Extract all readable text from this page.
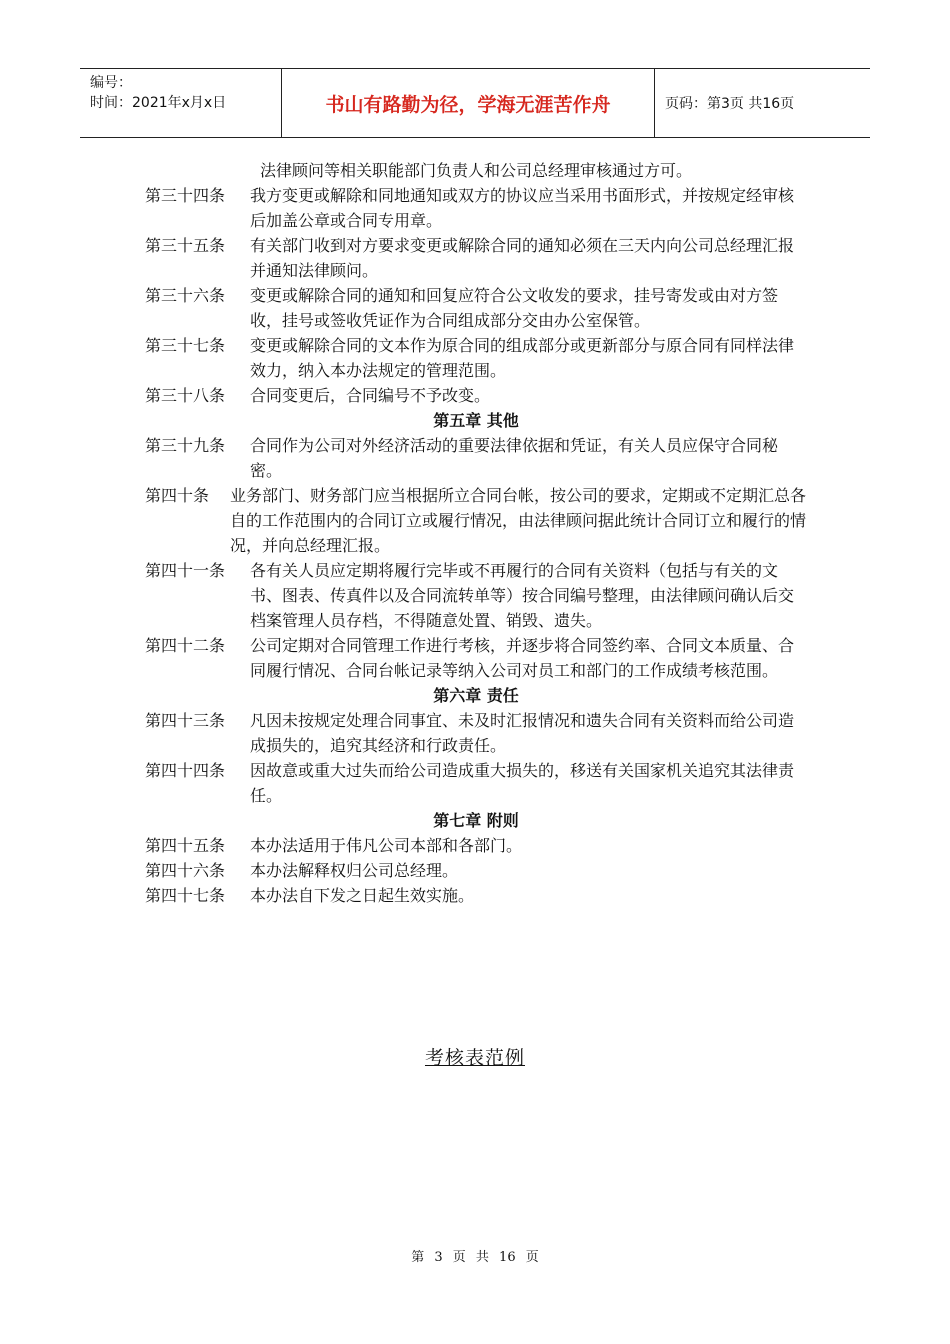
编号：
时间：2021年x月x日	书山有路勤为径，学海无涯苦作舟	页码：第3页 共16页
法律顾问等相关职能部门负责人和公司总经理审核通过方可。
第三十四条 我方变更或解除和同地通知或双方的协议应当采用书面形式，并按规定经审核后加盖公章或合同专用章。
第三十五条 有关部门收到对方要求变更或解除合同的通知必须在三天内向公司总经理汇报并通知法律顾问。
第三十六条 变更或解除合同的通知和回复应符合公文收发的要求，挂号寄发或由对方签收，挂号或签收凭证作为合同组成部分交由办公室保管。
第三十七条 变更或解除合同的文本作为原合同的组成部分或更新部分与原合同有同样法律效力，纳入本办法规定的管理范围。
第三十八条 合同变更后，合同编号不予改变。
第五章 其他
第三十九条 合同作为公司对外经济活动的重要法律依据和凭证，有关人员应保守合同秘密。
第四十条 业务部门、财务部门应当根据所立合同台帐，按公司的要求，定期或不定期汇总各自的工作范围内的合同订立或履行情况，由法律顾问据此统计合同订立和履行的情况，并向总经理汇报。
第四十一条 各有关人员应定期将履行完毕或不再履行的合同有关资料（包括与有关的文书、图表、传真件以及合同流转单等）按合同编号整理，由法律顾问确认后交档案管理人员存档，不得随意处置、销毁、遗失。
第四十二条 公司定期对合同管理工作进行考核，并逐步将合同签约率、合同文本质量、合同履行情况、合同台帐记录等纳入公司对员工和部门的工作成绩考核范围。
第六章 责任
第四十三条 凡因未按规定处理合同事宜、未及时汇报情况和遗失合同有关资料而给公司造成损失的，追究其经济和行政责任。
第四十四条 因故意或重大过失而给公司造成重大损失的，移送有关国家机关追究其法律责任。
第七章 附则
第四十五条 本办法适用于伟凡公司本部和各部门。
第四十六条 本办法解释权归公司总经理。
第四十七条 本办法自下发之日起生效实施。
考核表范例
第 3 页 共 16 页
